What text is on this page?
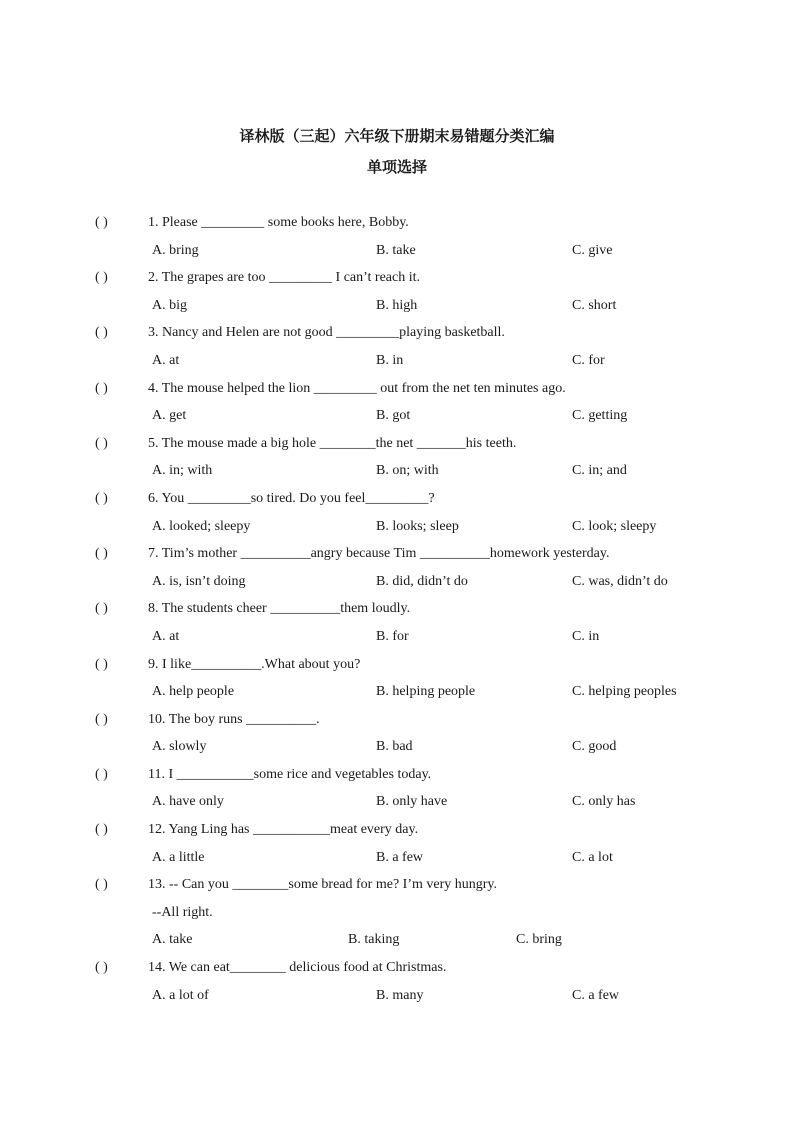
译林版（三起）六年级下册期末易错题分类汇编
单项选择
( )	1. Please _________ some books here, Bobby.
A. bring	B. take	C. give
( )	2. The grapes are too _________ I can’t reach it.
A. big	B. high	C. short
( )	3. Nancy and Helen are not good _________playing basketball.
A. at	B. in	C. for
( )	4. The mouse helped the lion _________ out from the net ten minutes ago.
A. get	B. got	C. getting
( )	5. The mouse made a big hole ________the net _______his teeth.
A. in; with	B. on; with	C. in; and
( )	6. You _________so tired. Do you feel_________?
A. looked; sleepy	B. looks; sleep	C. look; sleepy
( )	7. Tim’s mother __________angry because Tim __________homework yesterday.
A. is, isn’t doing	B. did, didn’t do	C. was, didn’t do
( )	8. The students cheer __________them loudly.
A. at	B. for	C. in
( )	9. I like__________.What about you?
A. help people	B. helping people	C. helping peoples
( )	10. The boy runs __________.
A. slowly	B. bad	C. good
( )	11. I ___________some rice and vegetables today.
A. have only	B. only have	C. only has
( )	12. Yang Ling has ___________meat every day.
A. a little	B. a few	C. a lot
( )	13. -- Can you ________some bread for me? I’m very hungry.
--All right.
A. take	B. taking	C. bring
( )	14. We can eat________ delicious food at Christmas.
A. a lot of	B. many	C. a few
